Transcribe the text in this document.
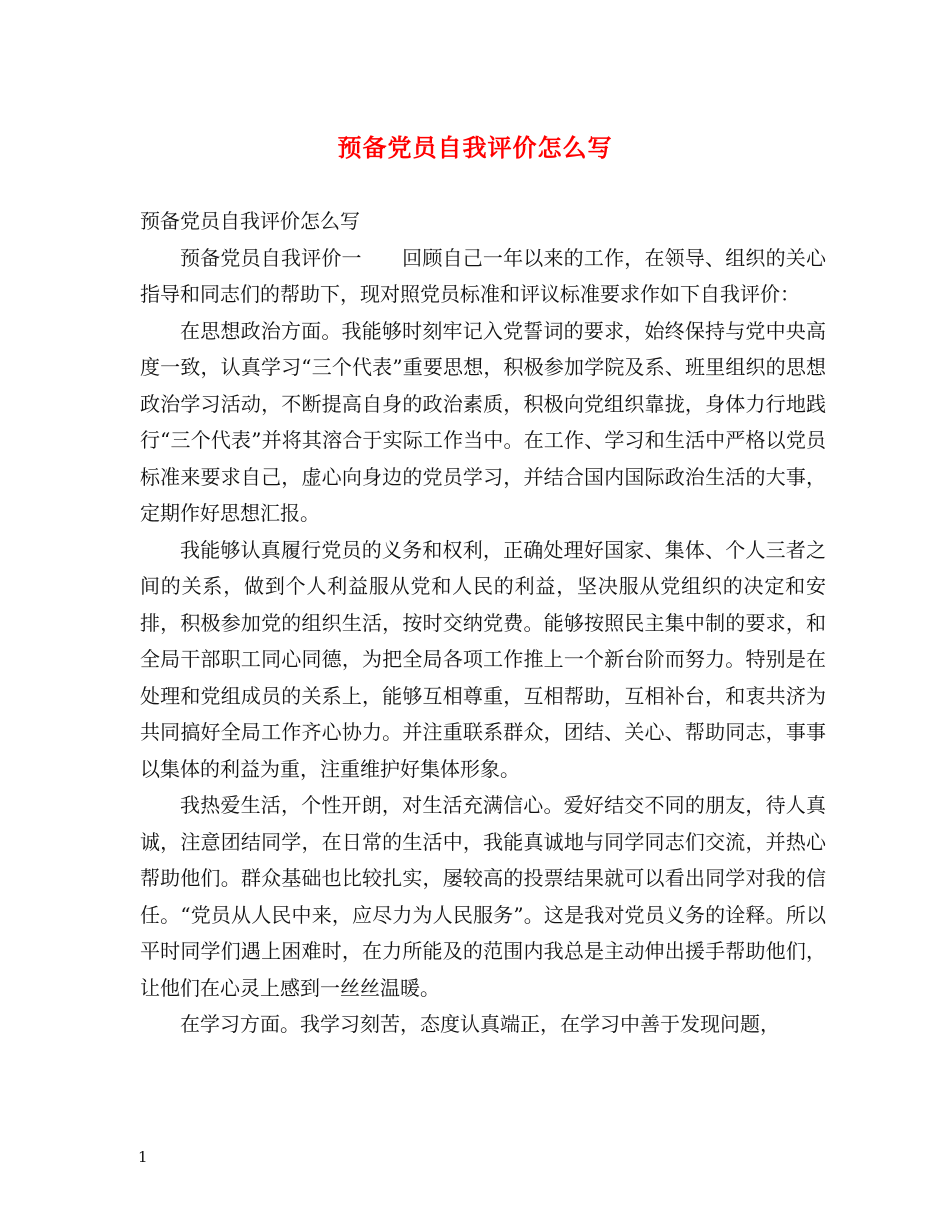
预备党员自我评价怎么写

预备党员自我评价怎么写

预备党员自我评价一　　回顾自己一年以来的工作，在领导、组织的关心指导和同志们的帮助下，现对照党员标准和评议标准要求作如下自我评价：

在思想政治方面。我能够时刻牢记入党誓词的要求，始终保持与党中央高度一致，认真学习“三个代表”重要思想，积极参加学院及系、班里组织的思想政治学习活动，不断提高自身的政治素质，积极向党组织靠拢，身体力行地践行“三个代表”并将其溶合于实际工作当中。在工作、学习和生活中严格以党员标准来要求自己，虚心向身边的党员学习，并结合国内国际政治生活的大事，定期作好思想汇报。

我能够认真履行党员的义务和权利，正确处理好国家、集体、个人三者之间的关系，做到个人利益服从党和人民的利益，坚决服从党组织的决定和安排，积极参加党的组织生活，按时交纳党费。能够按照民主集中制的要求，和全局干部职工同心同德，为把全局各项工作推上一个新台阶而努力。特别是在处理和党组成员的关系上，能够互相尊重，互相帮助，互相补台，和衷共济为共同搞好全局工作齐心协力。并注重联系群众，团结、关心、帮助同志，事事以集体的利益为重，注重维护好集体形象。

我热爱生活，个性开朗，对生活充满信心。爱好结交不同的朋友，待人真诚，注意团结同学，在日常的生活中，我能真诚地与同学同志们交流，并热心帮助他们。群众基础也比较扎实，屡较高的投票结果就可以看出同学对我的信任。“党员从人民中来，应尽力为人民服务”。这是我对党员义务的诠释。所以平时同学们遇上困难时，在力所能及的范围内我总是主动伸出援手帮助他们，让他们在心灵上感到一丝丝温暖。

在学习方面。我学习刻苦，态度认真端正，在学习中善于发现问题，

1
